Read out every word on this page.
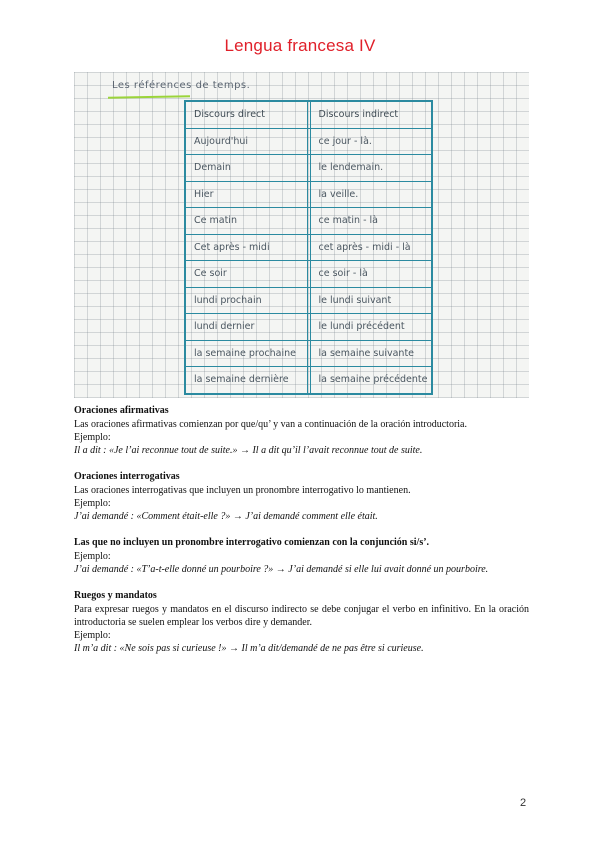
Lengua francesa IV
Les références de temps.
Discours direct	Discours indirect
Aujourd'hui	ce jour - là.
Demain	le lendemain.
Hier	la veille.
Ce matin	ce matin - là
Cet après - midi	cet après - midi - là
Ce soir	ce soir - là
lundi prochain	le lundi suivant
lundi dernier	le lundi précédent
la semaine prochaine	la semaine suivante
la semaine dernière	la semaine précédente
Oraciones afirmativas
Las oraciones afirmativas comienzan por que/qu’ y van a continuación de la oración introductoria.
Ejemplo:
Il a dit : «Je l’ai reconnue tout de suite.» → Il a dit qu’il l’avait reconnue tout de suite.
Oraciones interrogativas
Las oraciones interrogativas que incluyen un pronombre interrogativo lo mantienen.
Ejemplo:
J’ai demandé : «Comment était-elle ?» → J’ai demandé comment elle était.
Las que no incluyen un pronombre interrogativo comienzan con la conjunción si/s’.
Ejemplo:
J’ai demandé : «T’a-t-elle donné un pourboire ?» → J’ai demandé si elle lui avait donné un pourboire.
Ruegos y mandatos
Para expresar ruegos y mandatos en el discurso indirecto se debe conjugar el verbo en infinitivo. En la oración introductoria se suelen emplear los verbos dire y demander.
Ejemplo:
Il m’a dit : «Ne sois pas si curieuse !» → Il m’a dit/demandé de ne pas être si curieuse.
2
